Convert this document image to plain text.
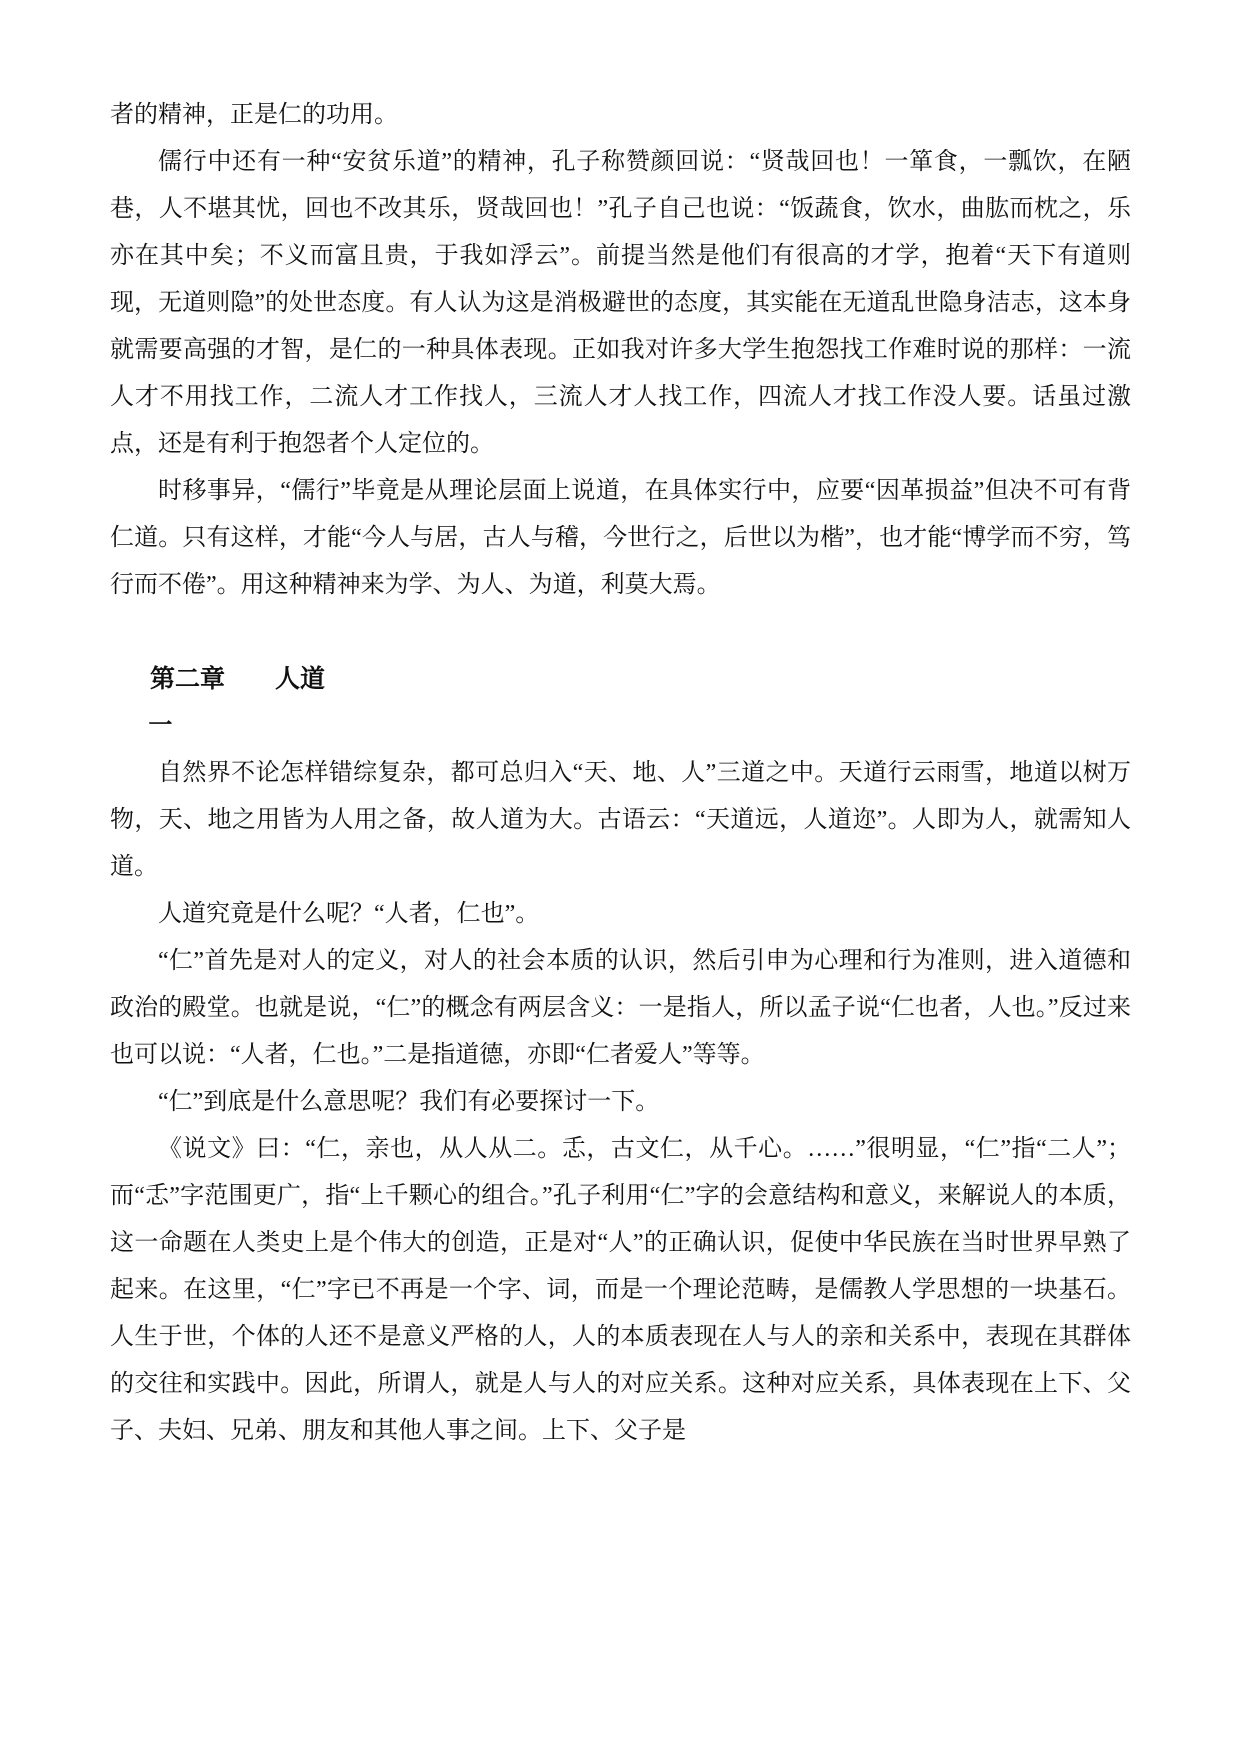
者的精神，正是仁的功用。

儒行中还有一种“安贫乐道”的精神，孔子称赞颜回说：“贤哉回也！一箪食，一瓢饮，在陋巷，人不堪其忧，回也不改其乐，贤哉回也！”孔子自己也说：“饭蔬食，饮水，曲肱而枕之，乐亦在其中矣；不义而富且贵，于我如浮云”。前提当然是他们有很高的才学，抱着“天下有道则现，无道则隐”的处世态度。有人认为这是消极避世的态度，其实能在无道乱世隐身洁志，这本身就需要高强的才智，是仁的一种具体表现。正如我对许多大学生抱怨找工作难时说的那样：一流人才不用找工作，二流人才工作找人，三流人才人找工作，四流人才找工作没人要。话虽过激点，还是有利于抱怨者个人定位的。

时移事异，“儒行”毕竟是从理论层面上说道，在具体实行中，应要“因革损益”但决不可有背仁道。只有这样，才能“今人与居，古人与稽，今世行之，后世以为楷”，也才能“博学而不穷，笃行而不倦”。用这种精神来为学、为人、为道，利莫大焉。

第二章 人道
一

自然界不论怎样错综复杂，都可总归入“天、地、人”三道之中。天道行云雨雪，地道以树万物，天、地之用皆为人用之备，故人道为大。古语云：“天道远，人道迩”。人即为人，就需知人道。

人道究竟是什么呢？“人者，仁也”。

“仁”首先是对人的定义，对人的社会本质的认识，然后引申为心理和行为准则，进入道德和政治的殿堂。也就是说，“仁”的概念有两层含义：一是指人，所以孟子说“仁也者，人也。”反过来也可以说：“人者，仁也。”二是指道德，亦即“仁者爱人”等等。

“仁”到底是什么意思呢？我们有必要探讨一下。

《说文》曰：“仁，亲也，从人从二。忎，古文仁，从千心。……”很明显，“仁”指“二人”；而“忎”字范围更广，指“上千颗心的组合。”孔子利用“仁”字的会意结构和意义，来解说人的本质，这一命题在人类史上是个伟大的创造，正是对“人”的正确认识，促使中华民族在当时世界早熟了起来。在这里，“仁”字已不再是一个字、词，而是一个理论范畴，是儒教人学思想的一块基石。人生于世，个体的人还不是意义严格的人，人的本质表现在人与人的亲和关系中，表现在其群体的交往和实践中。因此，所谓人，就是人与人的对应关系。这种对应关系，具体表现在上下、父子、夫妇、兄弟、朋友和其他人事之间。上下、父子是
